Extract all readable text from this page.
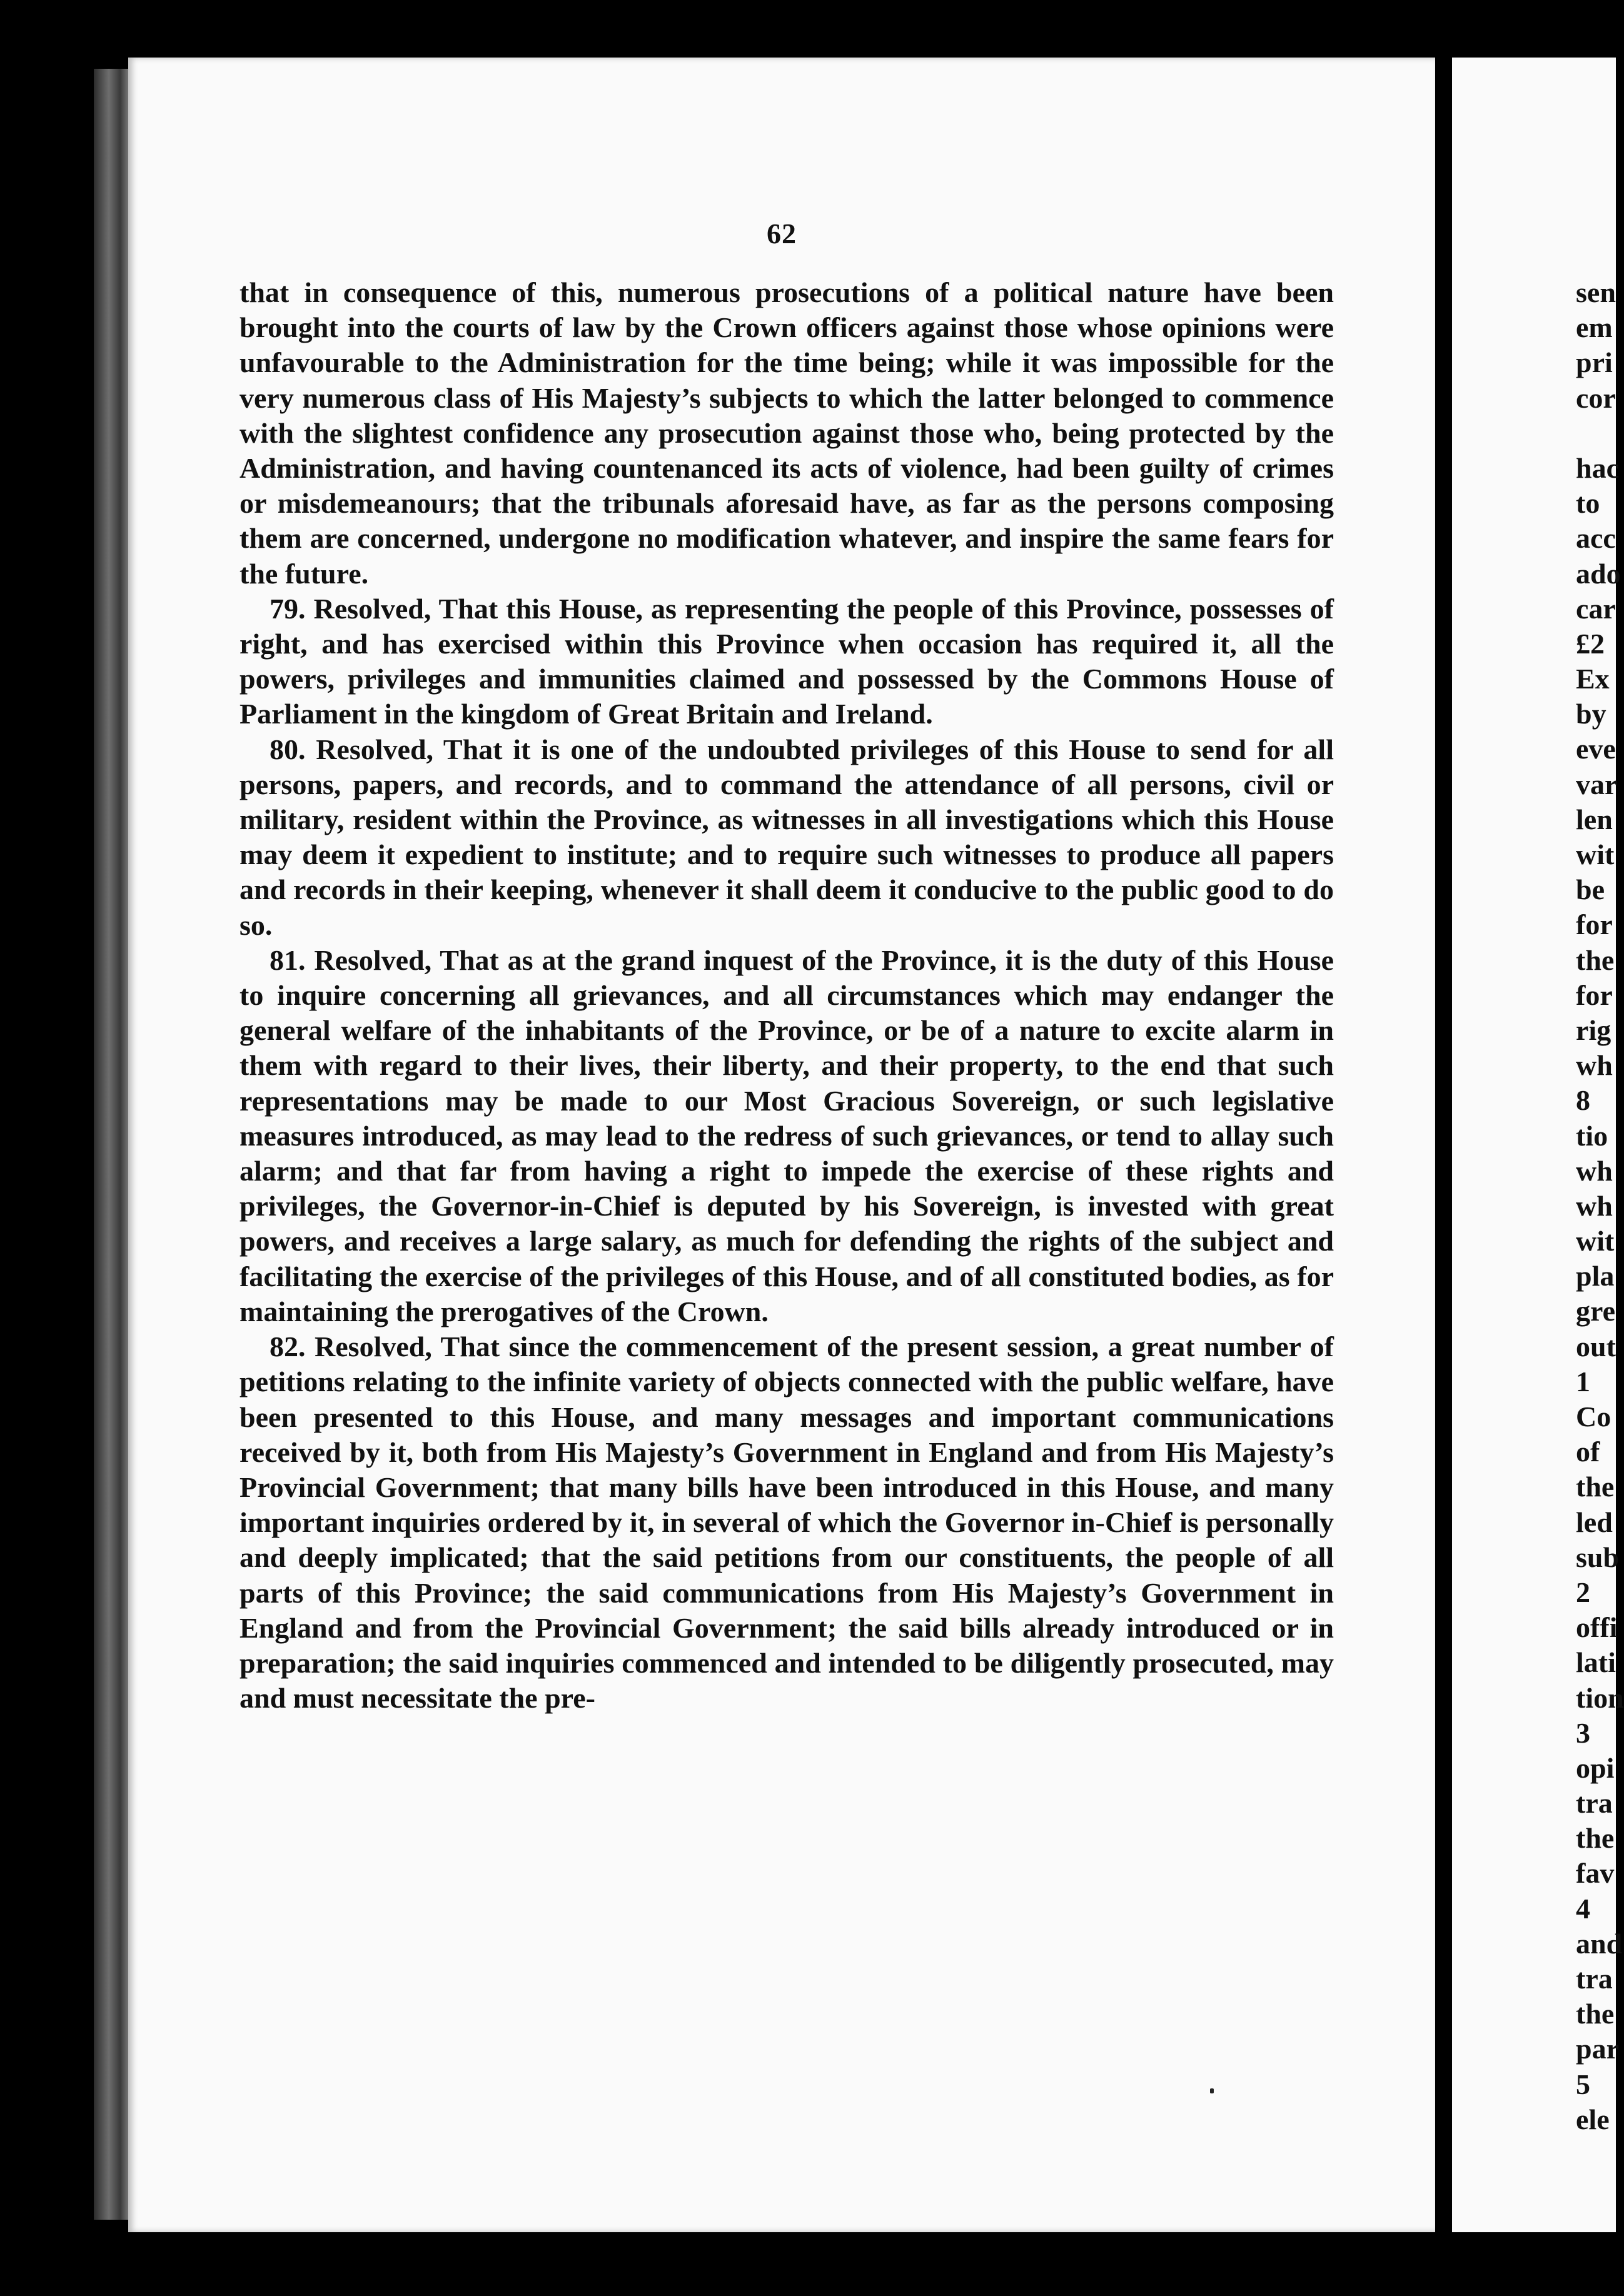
62

that in consequence of this, numerous prosecutions of a political nature have been brought into the courts of law by the Crown officers against those whose opinions were unfavourable to the Administration for the time being; while it was impossible for the very numerous class of His Majesty’s subjects to which the latter belonged to commence with the slightest confidence any prosecution against those who, being protected by the Administration, and having countenanced its acts of violence, had been guilty of crimes or misdemeanours; that the tribunals aforesaid have, as far as the persons composing them are concerned, undergone no modification whatever, and inspire the same fears for the future.

79. Resolved, That this House, as representing the people of this Province, possesses of right, and has exercised within this Province when occasion has required it, all the powers, privileges and immunities claimed and possessed by the Commons House of Parliament in the kingdom of Great Britain and Ireland.

80. Resolved, That it is one of the undoubted privileges of this House to send for all persons, papers, and records, and to command the attendance of all persons, civil or military, resident within the Province, as witnesses in all investigations which this House may deem it expedient to institute; and to require such witnesses to produce all papers and records in their keeping, whenever it shall deem it conducive to the public good to do so.

81. Resolved, That as at the grand inquest of the Province, it is the duty of this House to inquire concerning all grievances, and all circumstances which may endanger the general welfare of the inhabitants of the Province, or be of a nature to excite alarm in them with regard to their lives, their liberty, and their property, to the end that such representations may be made to our Most Gracious Sovereign, or such legislative measures introduced, as may lead to the redress of such grievances, or tend to allay such alarm; and that far from having a right to impede the exercise of these rights and privileges, the Governor-in-Chief is deputed by his Sovereign, is invested with great powers, and receives a large salary, as much for defending the rights of the subject and facilitating the exercise of the privileges of this House, and of all constituted bodies, as for maintaining the prerogatives of the Crown.

82. Resolved, That since the commencement of the present session, a great number of petitions relating to the infinite variety of objects connected with the public welfare, have been presented to this House, and many messages and important communications received by it, both from His Majesty’s Government in England and from His Majesty’s Provincial Government; that many bills have been introduced in this House, and many important inquiries ordered by it, in several of which the Governor in-Chief is personally and deeply implicated; that the said petitions from our constituents, the people of all parts of this Province; the said communications from His Majesty’s Government in England and from the Provincial Government; the said bills already introduced or in preparation; the said inquiries commenced and intended to be diligently prosecuted, may and must necessitate the pre-

sen
em
pri
cor
hac
to
acc
ado
car
£2
Ex
by
eve
var
len
wit
be
for
the
for
rig
wh
8
tio
wh
wh
wit
pla
gre
out
1
Co
of
the
led
sub
2
offi
lati
tion
3
opi
tra
the
fav
4
and
tra
the
par
5
ele
